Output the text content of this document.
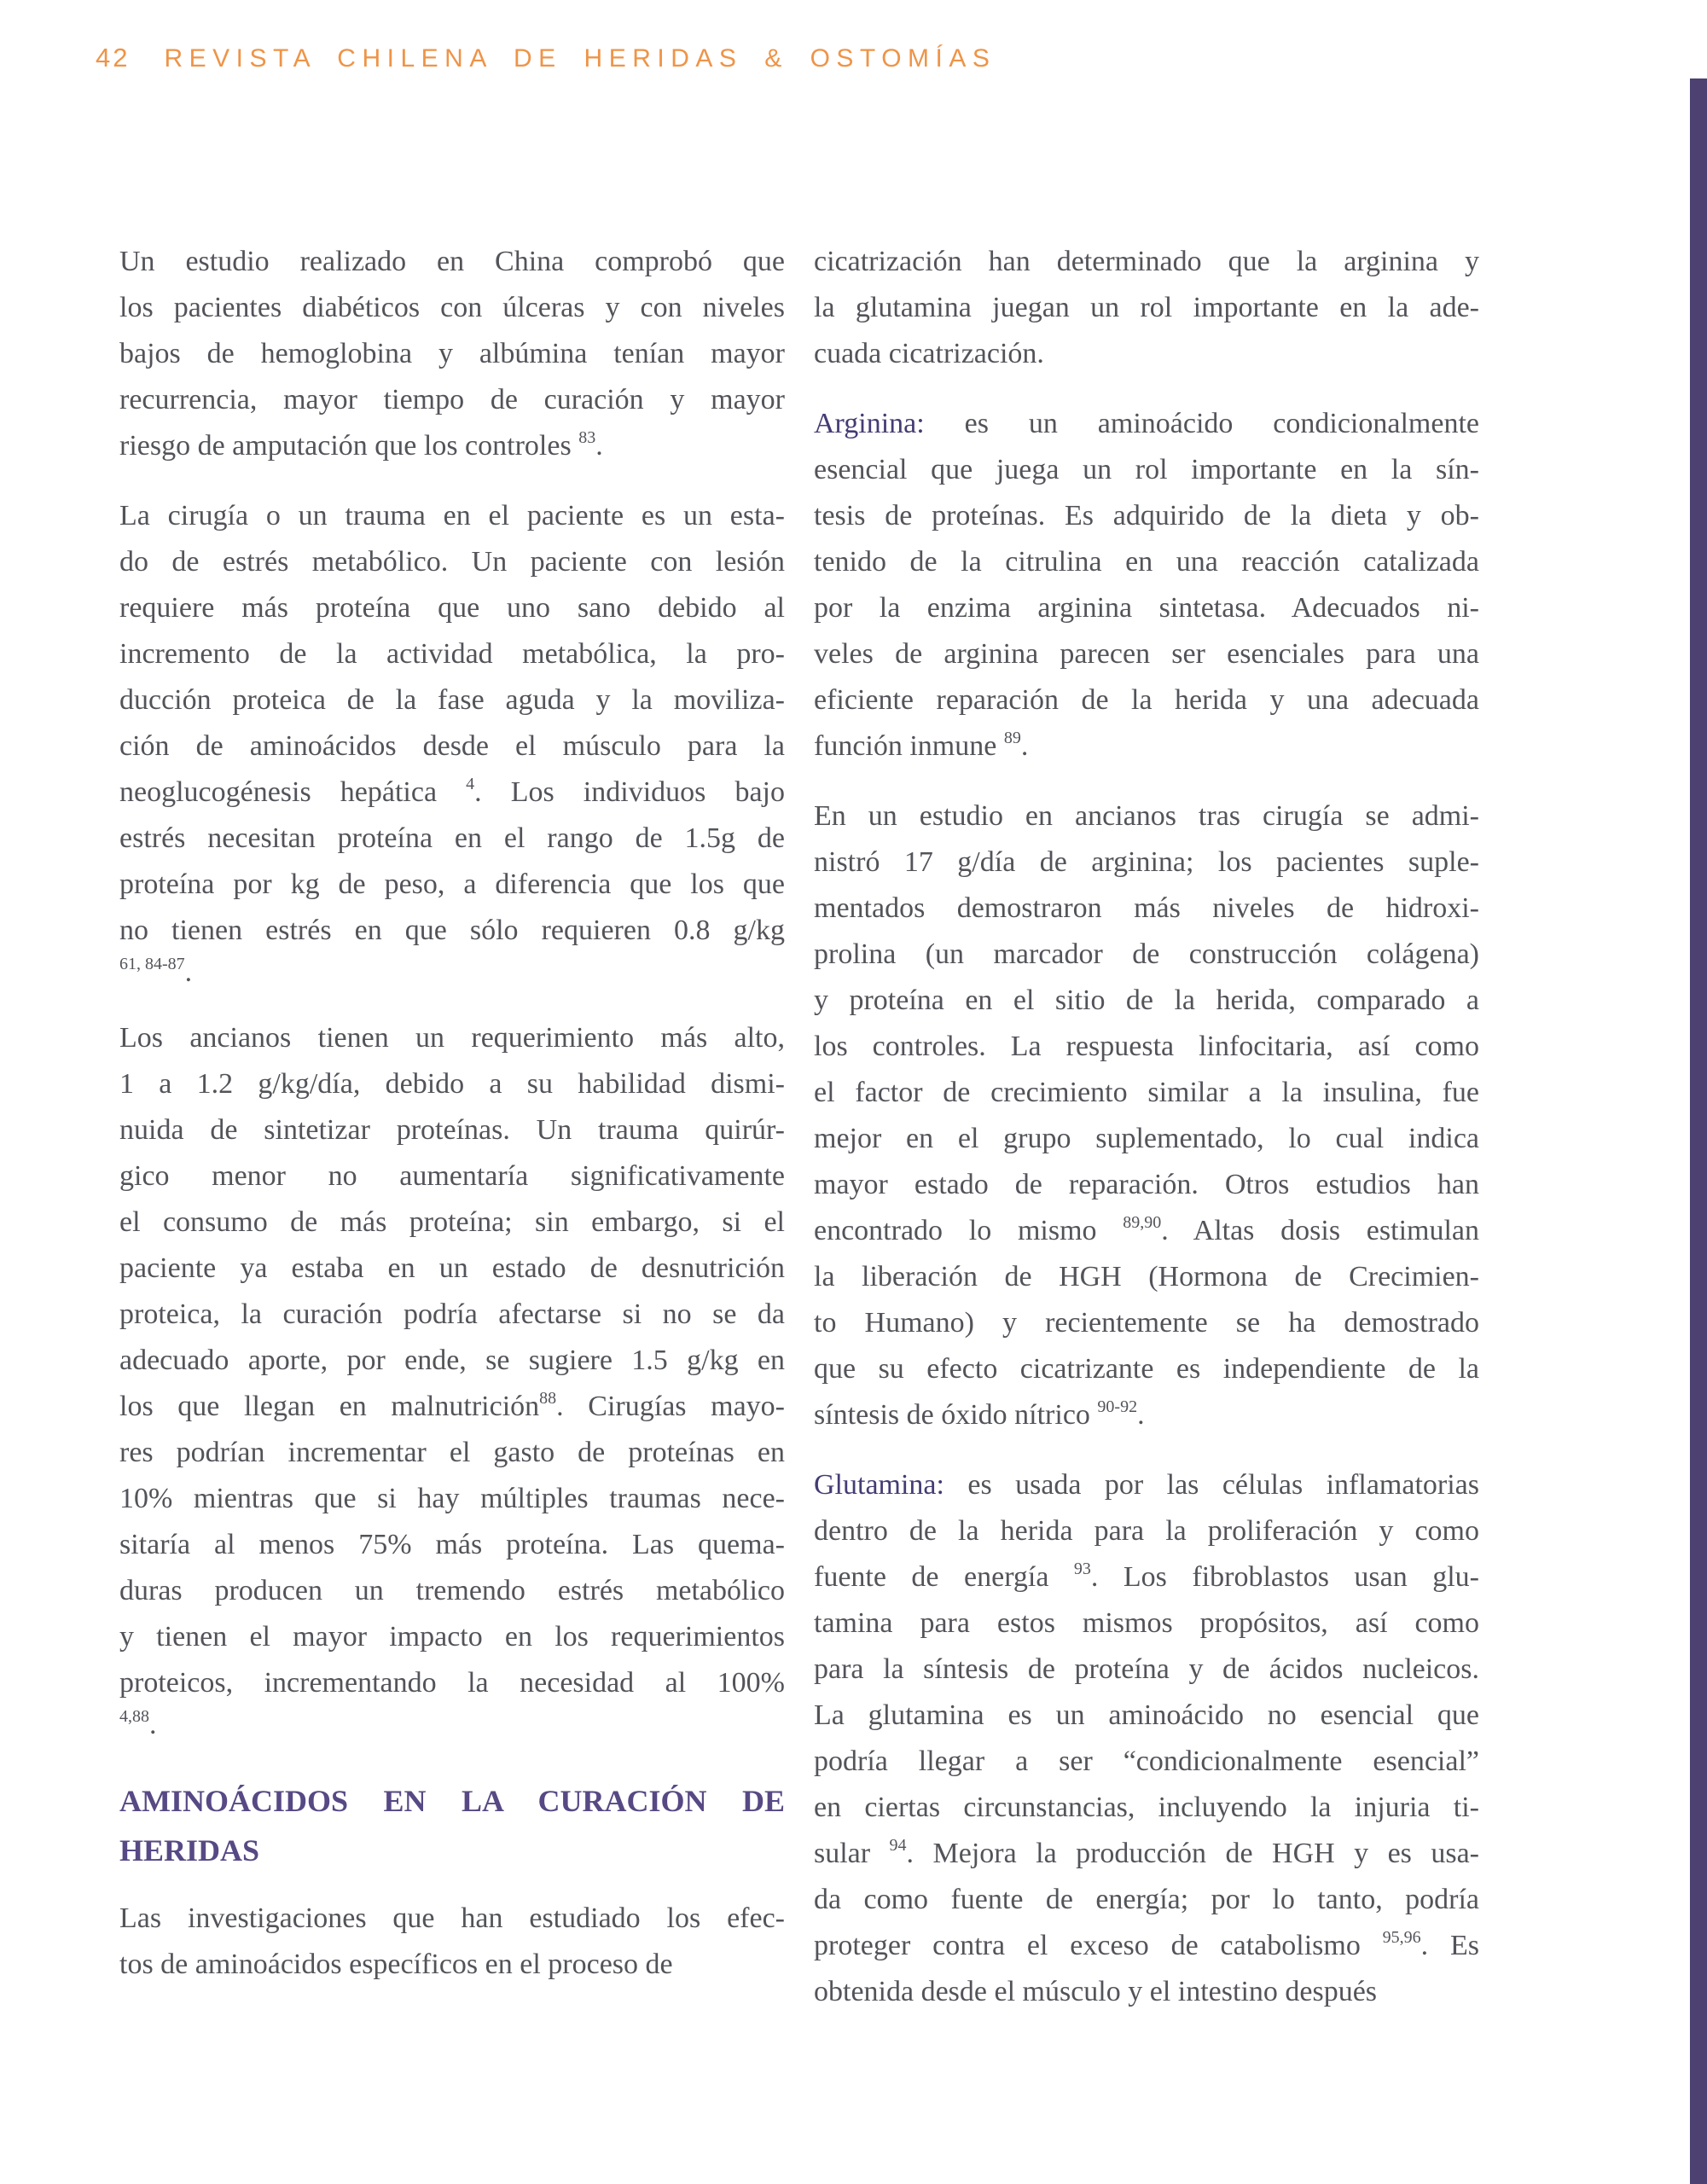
42 REVISTA CHILENA DE HERIDAS & OSTOMÍAS
Un estudio realizado en China comprobó que
los pacientes diabéticos con úlceras y con niveles
bajos de hemoglobina y albúmina tenían mayor
recurrencia, mayor tiempo de curación y mayor
riesgo de amputación que los controles $^{83}$.
La cirugía o un trauma en el paciente es un esta-
do de estrés metabólico. Un paciente con lesión
requiere más proteína que uno sano debido al
incremento de la actividad metabólica, la pro-
ducción proteica de la fase aguda y la moviliza-
ción de aminoácidos desde el músculo para la
neoglucogénesis hepática $^4$. Los individuos bajo
estrés necesitan proteína en el rango de 1.5g de
proteína por kg de peso, a diferencia que los que
no tienen estrés en que sólo requieren 0.8 g/kg
$^{61, 84-87}$.
Los ancianos tienen un requerimiento más alto,
1 a 1.2 g/kg/día, debido a su habilidad dismi-
nuida de sintetizar proteínas. Un trauma quirúr-
gico menor no aumentaría significativamente
el consumo de más proteína; sin embargo, si el
paciente ya estaba en un estado de desnutrición
proteica, la curación podría afectarse si no se da
adecuado aporte, por ende, se sugiere 1.5 g/kg en
los que llegan en malnutrición$^{88}$. Cirugías mayo-
res podrían incrementar el gasto de proteínas en
10% mientras que si hay múltiples traumas nece-
sitaría al menos 75% más proteína. Las quema-
duras producen un tremendo estrés metabólico
y tienen el mayor impacto en los requerimientos
proteicos, incrementando la necesidad al 100%
$^{4,88}$.
AMINOÁCIDOS EN LA CURACIÓN DE
HERIDAS
Las investigaciones que han estudiado los efec-
tos de aminoácidos específicos en el proceso de
cicatrización han determinado que la arginina y
la glutamina juegan un rol importante en la ade-
cuada cicatrización.
Arginina: es un aminoácido condicionalmente
esencial que juega un rol importante en la sín-
tesis de proteínas. Es adquirido de la dieta y ob-
tenido de la citrulina en una reacción catalizada
por la enzima arginina sintetasa. Adecuados ni-
veles de arginina parecen ser esenciales para una
eficiente reparación de la herida y una adecuada
función inmune $^{89}$.
En un estudio en ancianos tras cirugía se admi-
nistró 17 g/día de arginina; los pacientes suple-
mentados demostraron más niveles de hidroxi-
prolina (un marcador de construcción colágena)
y proteína en el sitio de la herida, comparado a
los controles. La respuesta linfocitaria, así como
el factor de crecimiento similar a la insulina, fue
mejor en el grupo suplementado, lo cual indica
mayor estado de reparación. Otros estudios han
encontrado lo mismo $^{89,90}$. Altas dosis estimulan
la liberación de HGH (Hormona de Crecimien-
to Humano) y recientemente se ha demostrado
que su efecto cicatrizante es independiente de la
síntesis de óxido nítrico $^{90-92}$.
Glutamina: es usada por las células inflamatorias
dentro de la herida para la proliferación y como
fuente de energía $^{93}$. Los fibroblastos usan glu-
tamina para estos mismos propósitos, así como
para la síntesis de proteína y de ácidos nucleicos.
La glutamina es un aminoácido no esencial que
podría llegar a ser “condicionalmente esencial”
en ciertas circunstancias, incluyendo la injuria ti-
sular $^{94}$. Mejora la producción de HGH y es usa-
da como fuente de energía; por lo tanto, podría
proteger contra el exceso de catabolismo $^{95,96}$. Es
obtenida desde el músculo y el intestino después
